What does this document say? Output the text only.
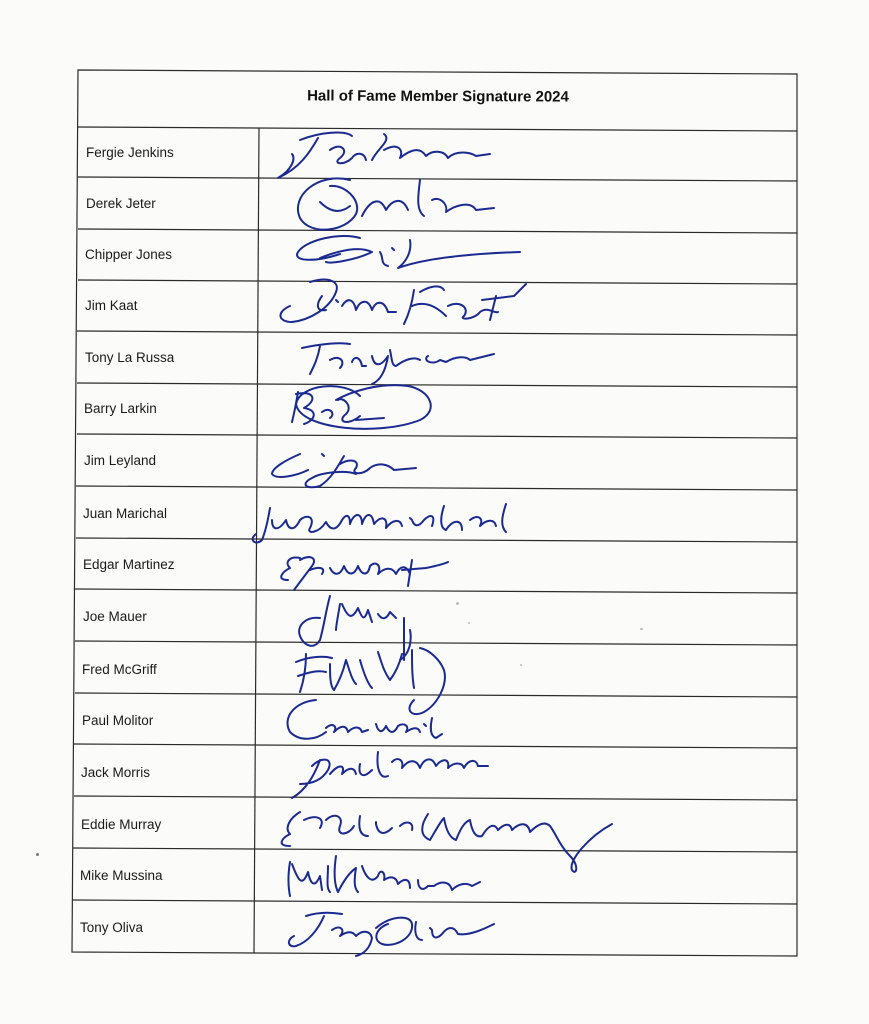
Hall of Fame Member Signature 2024
Fergie Jenkins
Derek Jeter
Chipper Jones
Jim Kaat
Tony La Russa
Barry Larkin
Jim Leyland
Juan Marichal
Edgar Martinez
Joe Mauer
Fred McGriff
Paul Molitor
Jack Morris
Eddie Murray
Mike Mussina
Tony Oliva
